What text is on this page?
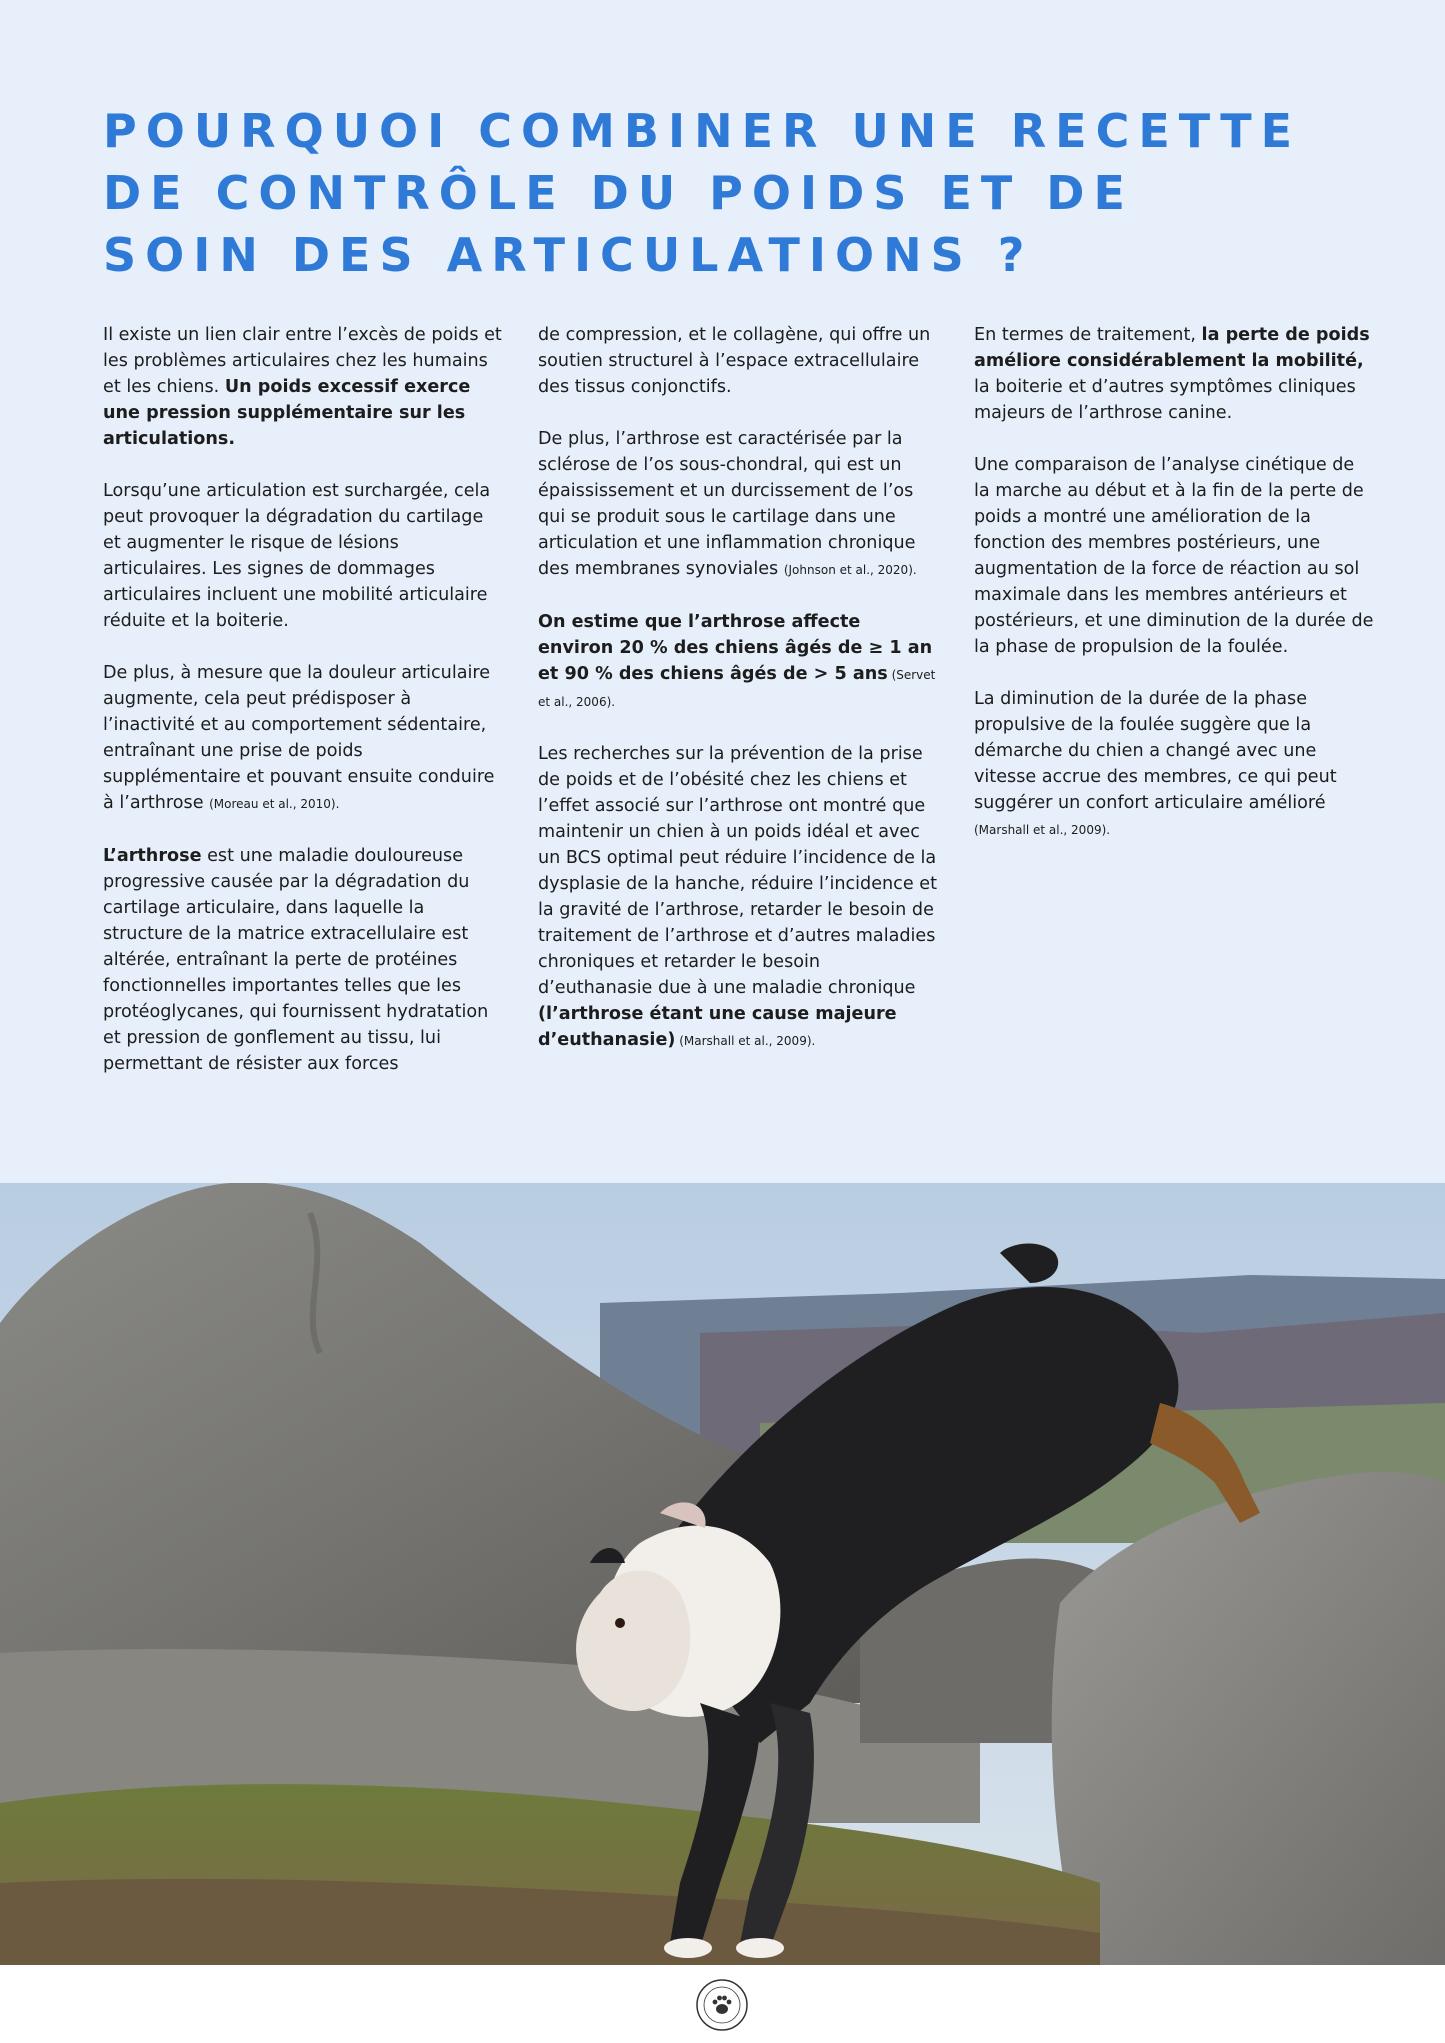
POURQUOI COMBINER UNE RECETTE
DE CONTRÔLE DU POIDS ET DE
SOIN DES ARTICULATIONS ?

Il existe un lien clair entre l’excès de poids et les problèmes articulaires chez les humains et les chiens. Un poids excessif exerce une pression supplémentaire sur les articulations.

Lorsqu’une articulation est surchargée, cela peut provoquer la dégradation du cartilage et augmenter le risque de lésions articulaires. Les signes de dommages articulaires incluent une mobilité articulaire réduite et la boiterie.

De plus, à mesure que la douleur articulaire augmente, cela peut prédisposer à l’inactivité et au comportement sédentaire, entraînant une prise de poids supplémentaire et pouvant ensuite conduire à l’arthrose (Moreau et al., 2010).

L’arthrose est une maladie douloureuse progressive causée par la dégradation du cartilage articulaire, dans laquelle la structure de la matrice extracellulaire est altérée, entraînant la perte de protéines fonctionnelles importantes telles que les protéoglycanes, qui fournissent hydratation et pression de gonflement au tissu, lui permettant de résister aux forces

de compression, et le collagène, qui offre un soutien structurel à l’espace extracellulaire des tissus conjonctifs.

De plus, l’arthrose est caractérisée par la sclérose de l’os sous-chondral, qui est un épaississement et un durcissement de l’os qui se produit sous le cartilage dans une articulation et une inflammation chronique des membranes synoviales (Johnson et al., 2020).

On estime que l’arthrose affecte environ 20 % des chiens âgés de ≥ 1 an et 90 % des chiens âgés de > 5 ans (Servet et al., 2006).

Les recherches sur la prévention de la prise de poids et de l’obésité chez les chiens et l’effet associé sur l’arthrose ont montré que maintenir un chien à un poids idéal et avec un BCS optimal peut réduire l’incidence de la dysplasie de la hanche, réduire l’incidence et la gravité de l’arthrose, retarder le besoin de traitement de l’arthrose et d’autres maladies chroniques et retarder le besoin d’euthanasie due à une maladie chronique (l’arthrose étant une cause majeure d’euthanasie) (Marshall et al., 2009).

En termes de traitement, la perte de poids améliore considérablement la mobilité, la boiterie et d’autres symptômes cliniques majeurs de l’arthrose canine.

Une comparaison de l’analyse cinétique de la marche au début et à la fin de la perte de poids a montré une amélioration de la fonction des membres postérieurs, une augmentation de la force de réaction au sol maximale dans les membres antérieurs et postérieurs, et une diminution de la durée de la phase de propulsion de la foulée.

La diminution de la durée de la phase propulsive de la foulée suggère que la démarche du chien a changé avec une vitesse accrue des membres, ce qui peut suggérer un confort articulaire amélioré (Marshall et al., 2009).
